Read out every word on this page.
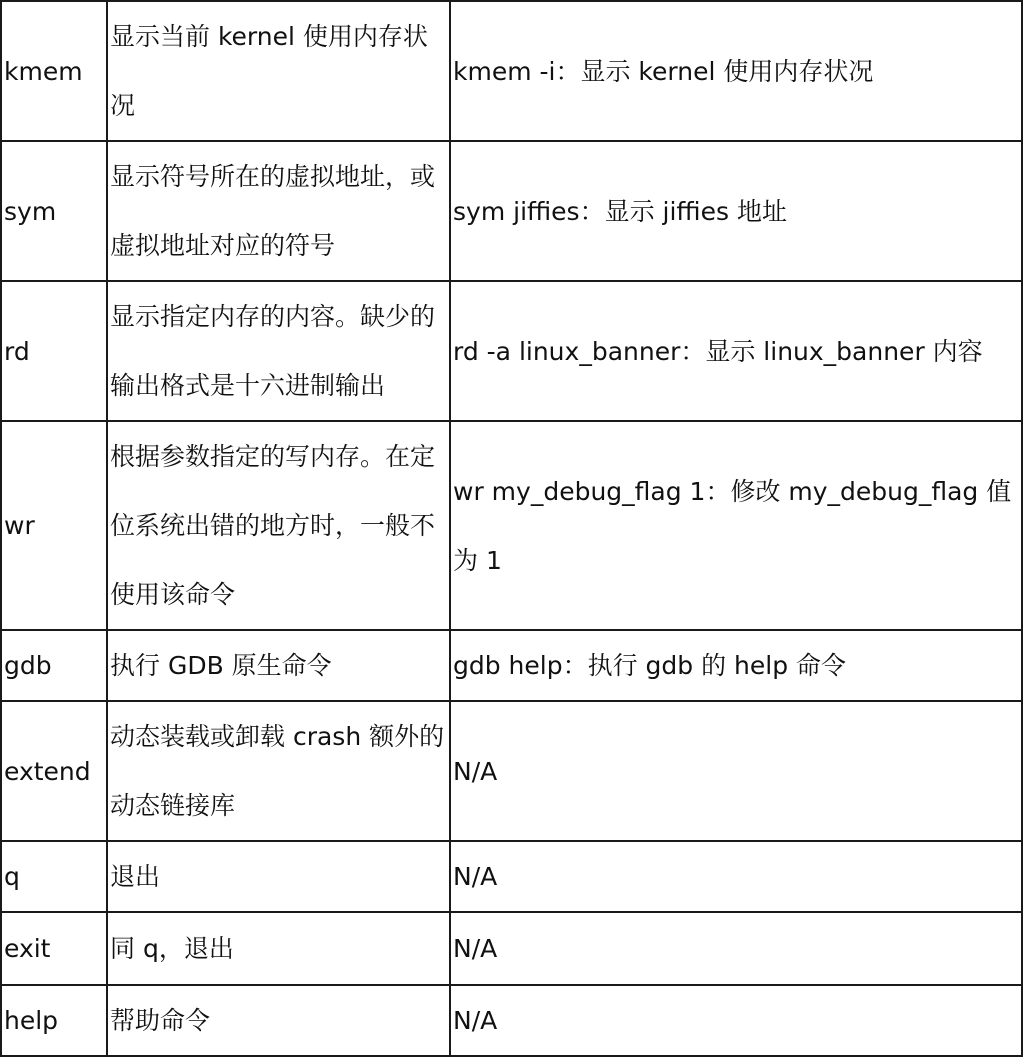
kmem	显示当前 kernel 使用内存状况	kmem -i：显示 kernel 使用内存状况
sym	显示符号所在的虚拟地址，或虚拟地址对应的符号	sym jiffies：显示 jiffies 地址
rd	显示指定内存的内容。缺少的输出格式是十六进制输出	rd -a linux_banner：显示 linux_banner 内容
wr	根据参数指定的写内存。在定位系统出错的地方时，一般不使用该命令	wr my_debug_flag 1：修改 my_debug_flag 值为 1
gdb	执行 GDB 原生命令	gdb help：执行 gdb 的 help 命令
extend	动态装载或卸载 crash 额外的动态链接库	N/A
q	退出	N/A
exit	同 q，退出	N/A
help	帮助命令	N/A
